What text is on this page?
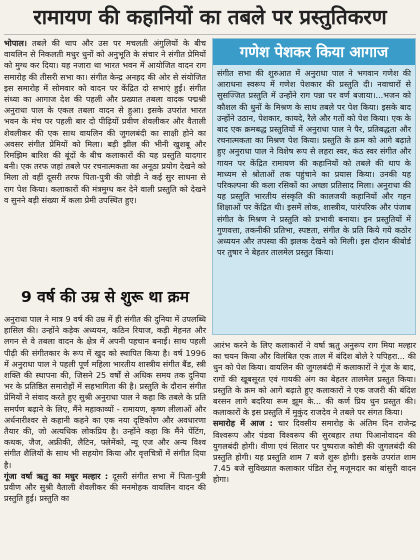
रामायण की कहानियों का तबले पर प्रस्तुतिकरण

भोपाल। तबले की थाप और उस पर मचलती अंगुलियों के बीच वायलिन से निकलती मधुर धुनों को अनुभूति के संचार ने संगीत प्रेमियों को मुग्ध कर दिया। यह नजारा था भारत भवन में आयोजित वादन राग समारोह की तीसरी सभा का। संगीत केन्द्र अनहद की ओर से संयोजित इस समारोह में सोमवार को वादन पर केंद्रित दो सभाएं हुईं। संगीत संध्या का आगाज देश की पहली और प्रख्यात तबला वादक पद्मश्री अनुराधा पाल के एकल तबला वादन से हुआ। इसके उपरांत भारत भवन के मंच पर पहली बार दो पीढ़ियों प्रवीण शेवलीकर और वैताली शेवलीकर की एक साथ वायलिन की जुगलबंदी का साक्षी होने का अवसर संगीत प्रेमियों को मिला। बड़ी झील की भीनी खुशबू और रिमझिम बारिश की बूंदों के बीच कलाकारों की यह प्रस्तुति यादगार बनी। एक तरफ जहां तबले पर रचनात्मकता का अनूठा प्रयोग देखने को मिला तो वहीं दूसरी तरफ पिता-पुत्री की जोड़ी ने कई सुर साधना से राग पेश किया। कलाकारों की मंत्रमुग्ध कर देने वाली प्रस्तुति को देखने व सुनने बड़ी संख्या में कला प्रेमी उपस्थित हुए।

9 वर्ष की उम्र से शुरू था क्रम

अनुराधा पाल ने मात्र 9 वर्ष की उम्र में ही संगीत की दुनिया में उपलब्धि हासिल की। उन्होंने कड़ेक अध्ययन, कठिन रियाज, कड़ी मेहनत और लगन से वे तबला वादन के क्षेत्र में अपनी पहचान बनाईं। साथ पहली पीढ़ी की संगीतकार के रूप में खुद को स्थापित किया है। वर्ष 1996 में अनुराधा पाल ने पहली पूर्ण महिला भारतीय शास्त्रीय संगीत बैंड, स्त्री शक्ति की स्थापना की, जिसने 25 वर्षों से अधिक समय तक दुनिया भर के प्रतिष्ठित समारोहों में सहभागिता की है। प्रस्तुति के दौरान संगीत प्रेमियों ने संवाद करते हुए सुश्री अनुराधा पाल ने कहा कि तबले के प्रति समर्पण बढ़ाने के लिए, मैंने महाकाव्यों - रामायण, कृष्ण लीलाओं और अर्धनारीश्वर से कहानी कहने का एक नया दृष्टिकोण और अवधारणा तैयार की, जो अत्यधिक लोकप्रिय है। उन्होंने कहा कि मैंने पेंटिंग, कथक, जैज, अफ्रीकी, लैटिन, फ्लेमेंको, न्यू एज और अन्य विश्व संगीत शैलियों के साथ भी सहयोग किया और वृत्तचित्रों में संगीत दिया है।

गूंजा वर्षा ऋतु का मधुर मल्हार : दूसरी संगीत सभा में पिता-पुत्री प्रवीण और सुश्री वैताली शेवलीकर की मनमोहक वायलिन वादन की प्रस्तुति हुई। प्रस्तुति का

गणेश पेशकर किया आगाज
संगीत सभा की शुरुआत में अनुराधा पाल ने भगवान गणेश की आराधना स्वरूप में गणेश पेशकार की प्रस्तुति दी। नवाचारों से सुसज्जित प्रस्तुति में उन्होंने राग पन्ना पर वर्ण बजाया।...भजन को कौशल की धुनों के मिश्रण के साथ तबले पर पेश किया। इसके बाद उन्होंने उठान, पेशकार, कायदे, रैले और गतों को पेश किया। एक के बाद एक क्रमबद्ध प्रस्तुतियों में अनुराधा पाल ने पैर, प्रतिबद्धता और रचनात्मकता का मिश्रण पेश किया। प्रस्तुति के क्रम को आगे बढ़ाते हुए अनुराधा पाल ने विशेष रूप से लहरा स्वर, कंठ स्वर संगीत और गायन पर केंद्रित रामायण की कहानियों को तबले की थाप के माध्यम से श्रोताओं तक पहुंचाने का प्रयास किया। उनकी यह परिकल्पना की कला रसिकों का अच्छा प्रतिसाद मिला। अनुराधा की यह प्रस्तुति भारतीय संस्कृति की कालजयी कहानियों और गहन शिक्षाओं पर केंद्रित थी। इसमें लोक, शास्त्रीय, पारंपरिक और पंजाब संगीत के मिश्रण ने प्रस्तुति को प्रभावी बनाया। इन प्रस्तुतियों में गुणवत्ता, तकनीकी प्रतिभा, स्पष्टता, संगीत के प्रति किये गये कठोर अध्ययन और तपस्या की झलक देखने को मिली। इस दौरान कीबोर्ड पर तुषार ने बेहतर तालमेल प्रस्तुत किया।

आरंभ करने के लिए कलाकारों ने वर्षा ऋतु अनुरूप राग मिया मल्हार का चयन किया और विलंबित एक ताल में बंदिश बोले रे पपिहरा... की धुन को पेश किया। वायलिन की जुगलबंदी में कलाकारों ने गूंज के बाद, रागों की खूबसूरत एवं गायकी अंग का बेहतर तालमेल प्रस्तुत किया। प्रस्तुति के क्रम को आगे बढ़ाते हुए कलाकारों ने एक जजरी की बंदिश बरसन लागे बदरिया रूम झूम के... की कर्ण प्रिय धुन प्रस्तुत की। कलाकारों के इस प्रस्तुति में मुकुंद राजदेव ने तबले पर संगत किया।

समारोह में आज : चार दिवसीय समारोह के अंतिम दिन राजेन्द्र विश्वरूप और पंडवा विश्वरूप की सुरबहार तथा पिआनोवादन की युगलबंदी होगी। वीणा एवं सितार पर पुष्पराज कोष्टी की जुगलबंदी की प्रस्तुति होगी। यह प्रस्तुति शाम 7 बजे शुरू होगी। इसके उपरांत शाम 7.45 बजे सुविख्यात कलाकार पंडित रोनू मजूमदार का बांसुरी वादन होगा।
